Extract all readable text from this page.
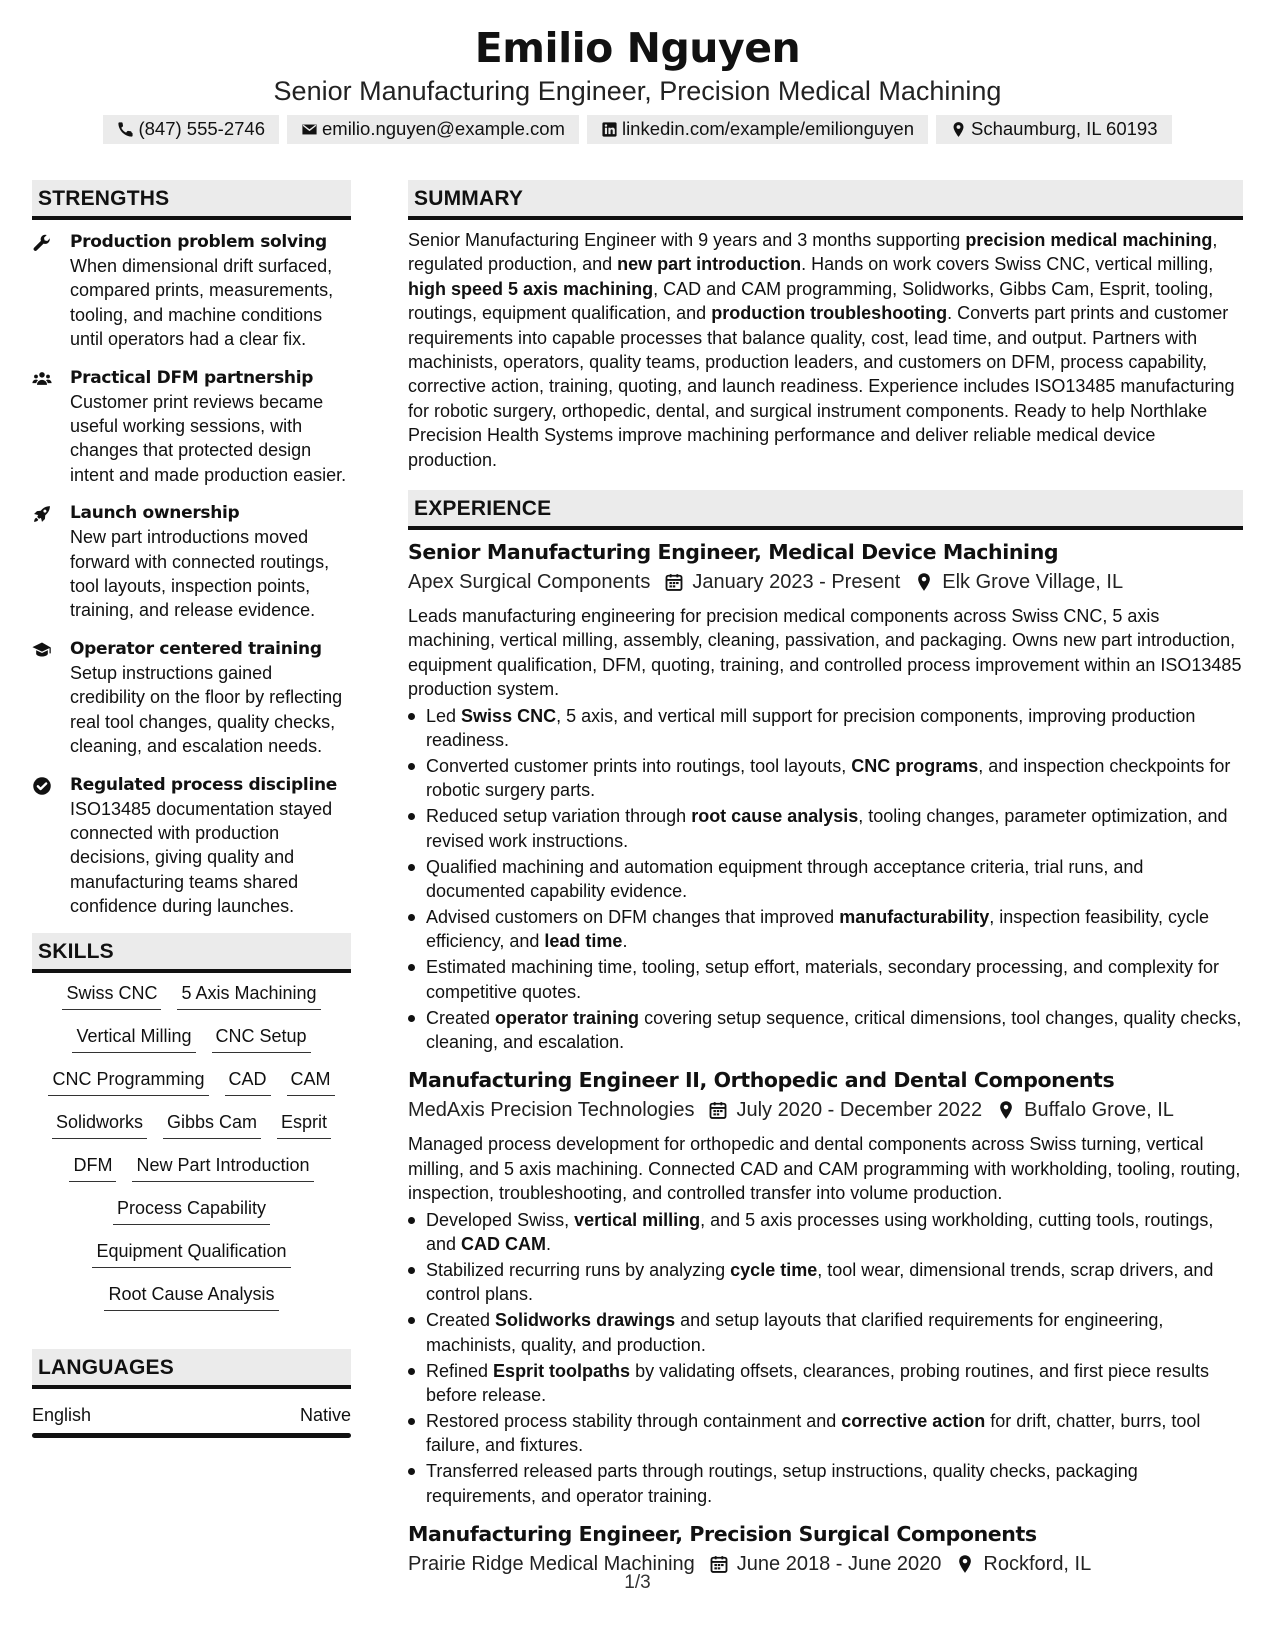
Emilio Nguyen
Senior Manufacturing Engineer, Precision Medical Machining
(847) 555-2746	emilio.nguyen@example.com	linkedin.com/example/emilionguyen	Schaumburg, IL 60193
STRENGTHS
Production problem solving
When dimensional drift surfaced, compared prints, measurements, tooling, and machine conditions until operators had a clear fix.
Practical DFM partnership
Customer print reviews became useful working sessions, with changes that protected design intent and made production easier.
Launch ownership
New part introductions moved forward with connected routings, tool layouts, inspection points, training, and release evidence.
Operator centered training
Setup instructions gained credibility on the floor by reflecting real tool changes, quality checks, cleaning, and escalation needs.
Regulated process discipline
ISO13485 documentation stayed connected with production decisions, giving quality and manufacturing teams shared confidence during launches.
SKILLS
Swiss CNC 5 Axis Machining
Vertical Milling CNC Setup
CNC Programming CAD CAM
Solidworks Gibbs Cam Esprit
DFM New Part Introduction
Process Capability
Equipment Qualification
Root Cause Analysis
LANGUAGES
English	Native
SUMMARY
Senior Manufacturing Engineer with 9 years and 3 months supporting precision medical machining, regulated production, and new part introduction. Hands on work covers Swiss CNC, vertical milling, high speed 5 axis machining, CAD and CAM programming, Solidworks, Gibbs Cam, Esprit, tooling, routings, equipment qualification, and production troubleshooting. Converts part prints and customer requirements into capable processes that balance quality, cost, lead time, and output. Partners with machinists, operators, quality teams, production leaders, and customers on DFM, process capability, corrective action, training, quoting, and launch readiness. Experience includes ISO13485 manufacturing for robotic surgery, orthopedic, dental, and surgical instrument components. Ready to help Northlake Precision Health Systems improve machining performance and deliver reliable medical device production.
EXPERIENCE
Senior Manufacturing Engineer, Medical Device Machining
Apex Surgical Components January 2023 - Present Elk Grove Village, IL
Leads manufacturing engineering for precision medical components across Swiss CNC, 5 axis machining, vertical milling, assembly, cleaning, passivation, and packaging. Owns new part introduction, equipment qualification, DFM, quoting, training, and controlled process improvement within an ISO13485 production system.
Led Swiss CNC, 5 axis, and vertical mill support for precision components, improving production readiness.
Converted customer prints into routings, tool layouts, CNC programs, and inspection checkpoints for robotic surgery parts.
Reduced setup variation through root cause analysis, tooling changes, parameter optimization, and revised work instructions.
Qualified machining and automation equipment through acceptance criteria, trial runs, and documented capability evidence.
Advised customers on DFM changes that improved manufacturability, inspection feasibility, cycle efficiency, and lead time.
Estimated machining time, tooling, setup effort, materials, secondary processing, and complexity for competitive quotes.
Created operator training covering setup sequence, critical dimensions, tool changes, quality checks, cleaning, and escalation.
Manufacturing Engineer II, Orthopedic and Dental Components
MedAxis Precision Technologies July 2020 - December 2022 Buffalo Grove, IL
Managed process development for orthopedic and dental components across Swiss turning, vertical milling, and 5 axis machining. Connected CAD and CAM programming with workholding, tooling, routing, inspection, troubleshooting, and controlled transfer into volume production.
Developed Swiss, vertical milling, and 5 axis processes using workholding, cutting tools, routings, and CAD CAM.
Stabilized recurring runs by analyzing cycle time, tool wear, dimensional trends, scrap drivers, and control plans.
Created Solidworks drawings and setup layouts that clarified requirements for engineering, machinists, quality, and production.
Refined Esprit toolpaths by validating offsets, clearances, probing routines, and first piece results before release.
Restored process stability through containment and corrective action for drift, chatter, burrs, tool failure, and fixtures.
Transferred released parts through routings, setup instructions, quality checks, packaging requirements, and operator training.
Manufacturing Engineer, Precision Surgical Components
Prairie Ridge Medical Machining June 2018 - June 2020 Rockford, IL
1/3
